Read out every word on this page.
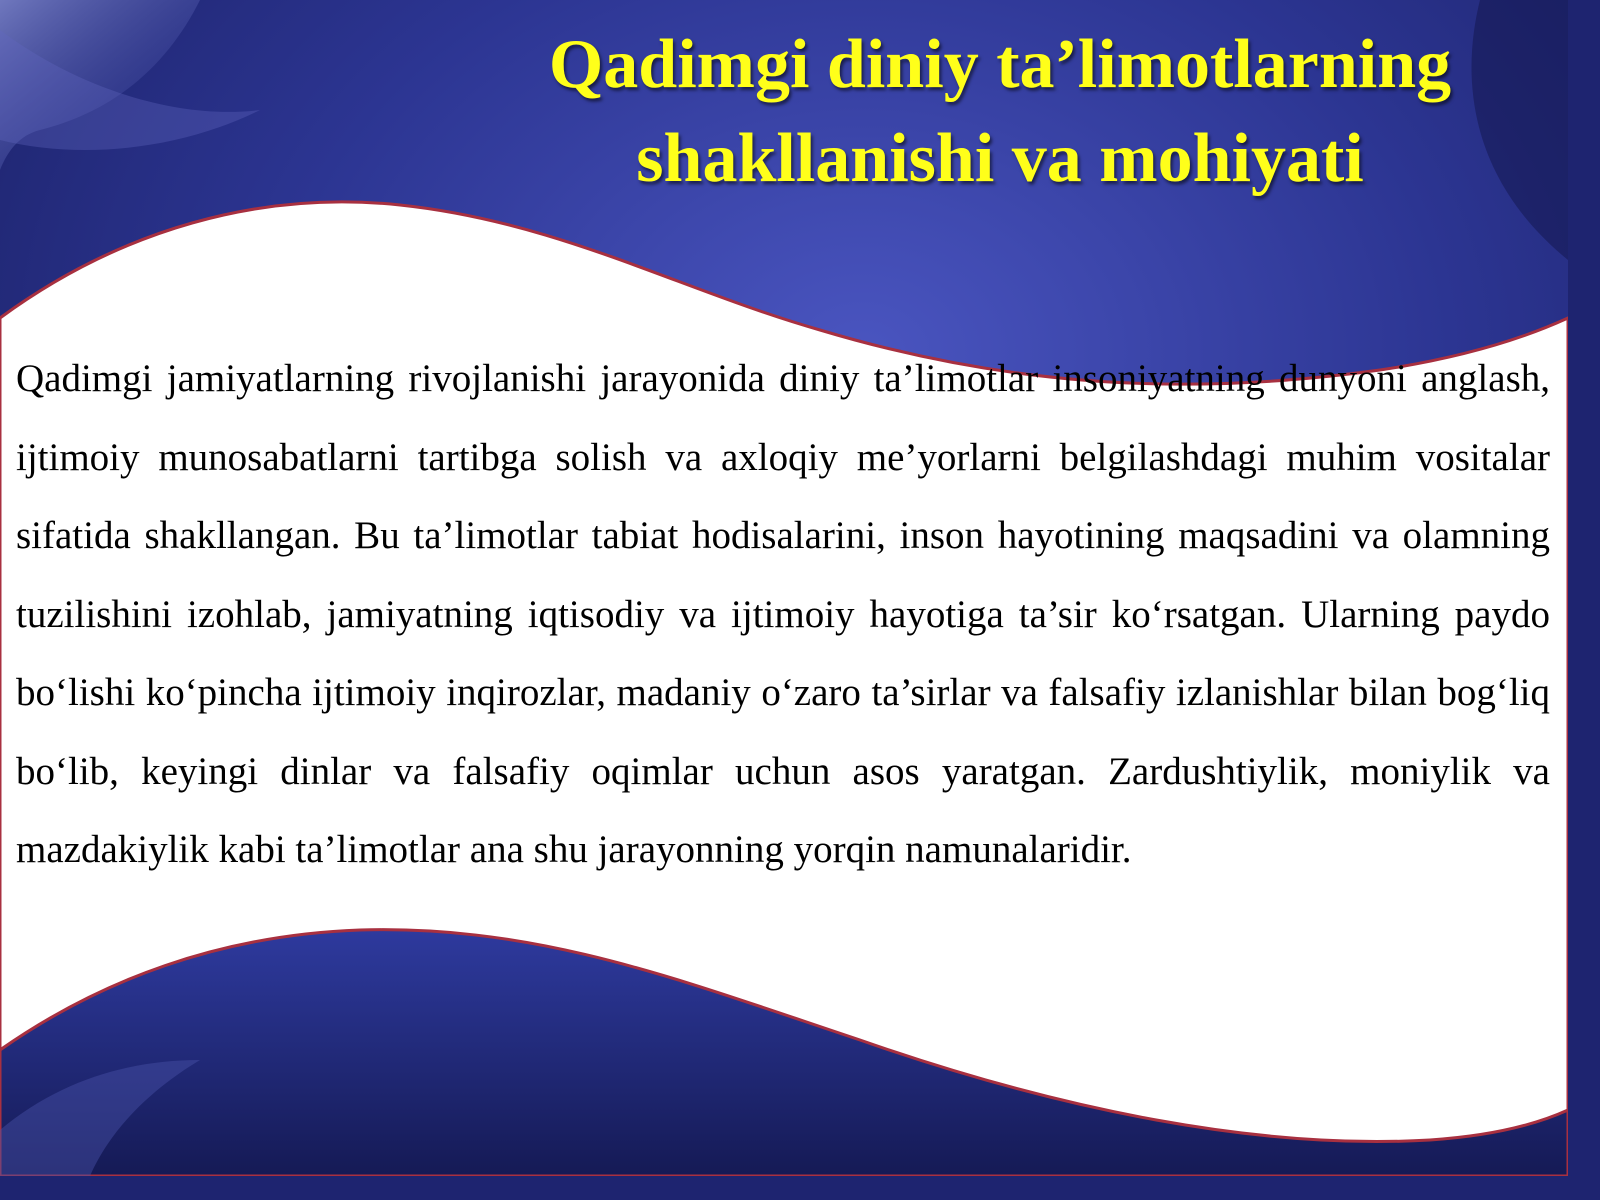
Qadimgi diniy ta’limotlarning
shakllanishi va mohiyati

Qadimgi jamiyatlarning rivojlanishi jarayonida diniy ta’limotlar insoniyatning dunyoni anglash, ijtimoiy munosabatlarni tartibga solish va axloqiy me’yorlarni belgilashdagi muhim vositalar sifatida shakllangan. Bu ta’limotlar tabiat hodisalarini, inson hayotining maqsadini va olamning tuzilishini izohlab, jamiyatning iqtisodiy va ijtimoiy hayotiga ta’sir ko‘rsatgan. Ularning paydo bo‘lishi ko‘pincha ijtimoiy inqirozlar, madaniy o‘zaro ta’sirlar va falsafiy izlanishlar bilan bog‘liq bo‘lib, keyingi dinlar va falsafiy oqimlar uchun asos yaratgan. Zardushtiylik, moniylik va mazdakiylik kabi ta’limotlar ana shu jarayonning yorqin namunalaridir.
